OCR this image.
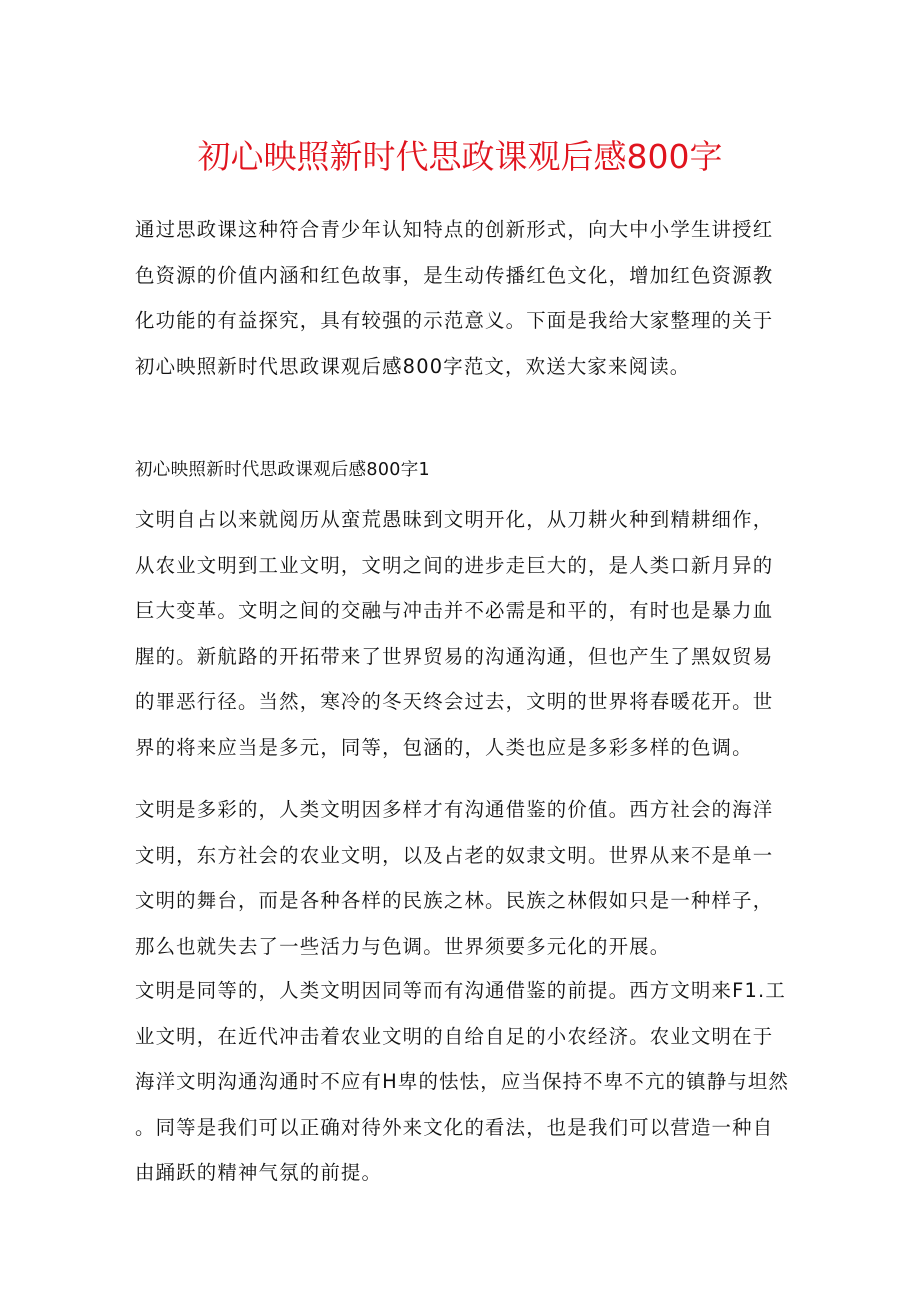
初心映照新时代思政课观后感800字
通过思政课这种符合青少年认知特点的创新形式，向大中小学生讲授红色资源的价值内涵和红色故事，是生动传播红色文化，增加红色资源教化功能的有益探究，具有较强的示范意义。下面是我给大家整理的关于初心映照新时代思政课观后感800字范文，欢送大家来阅读。
初心映照新时代思政课观后感800字1
文明自占以来就阅历从蛮荒愚昧到文明开化，从刀耕火种到精耕细作，从农业文明到工业文明，文明之间的进步走巨大的，是人类口新月异的巨大变革。文明之间的交融与冲击并不必需是和平的，有时也是暴力血腥的。新航路的开拓带来了世界贸易的沟通沟通，但也产生了黑奴贸易的罪恶行径。当然，寒冷的冬天终会过去，文明的世界将春暖花开。世界的将来应当是多元，同等，包涵的，人类也应是多彩多样的色调。
文明是多彩的，人类文明因多样才有沟通借鉴的价值。西方社会的海洋文明，东方社会的农业文明，以及占老的奴隶文明。世界从来不是单一文明的舞台，而是各种各样的民族之林。民族之林假如只是一种样子，那么也就失去了一些活力与色调。世界须要多元化的开展。
文明是同等的，人类文明因同等而有沟通借鉴的前提。西方文明来F1.工业文明，在近代冲击着农业文明的自给自足的小农经济。农业文明在于海洋文明沟通沟通时不应有H卑的怯怯，应当保持不卑不亢的镇静与坦然。同等是我们可以正确对待外来文化的看法，也是我们可以营造一种自由踊跃的精神气氛的前提。
